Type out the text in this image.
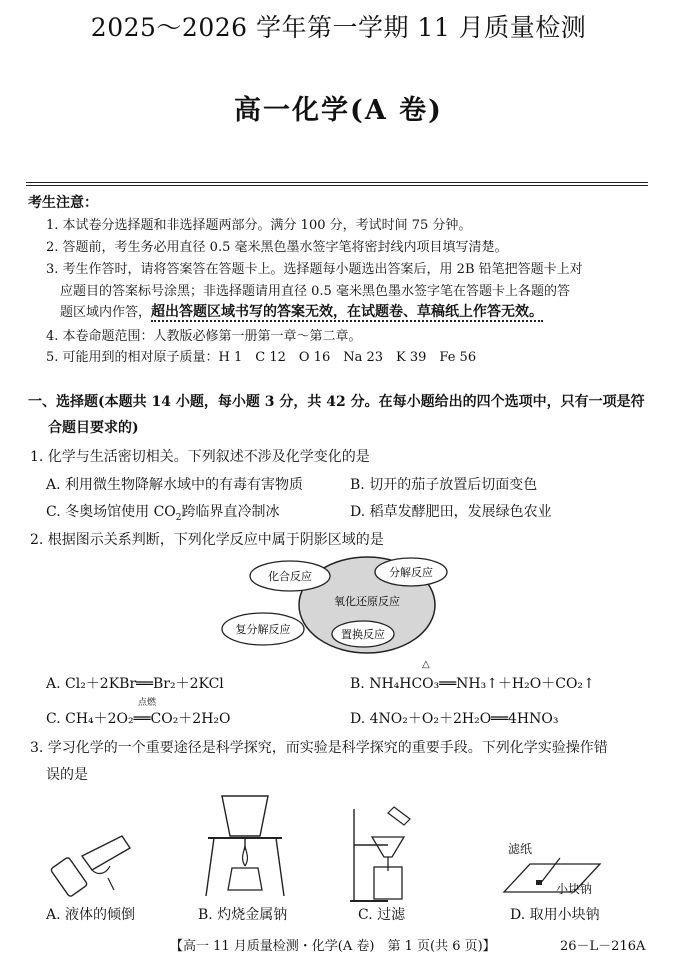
2025～2026 学年第一学期 11 月质量检测
高一化学(A 卷)
考生注意：
1. 本试卷分选择题和非选择题两部分。满分 100 分，考试时间 75 分钟。
2. 答题前，考生务必用直径 0.5 毫米黑色墨水签字笔将密封线内项目填写清楚。
3. 考生作答时，请将答案答在答题卡上。选择题每小题选出答案后，用 2B 铅笔把答题卡上对
应题目的答案标号涂黑；非选择题请用直径 0.5 毫米黑色墨水签字笔在答题卡上各题的答
题区域内作答，超出答题区域书写的答案无效，在试题卷、草稿纸上作答无效。
4. 本卷命题范围：人教版必修第一册第一章～第二章。
5. 可能用到的相对原子质量：H 1　C 12　O 16　Na 23　K 39　Fe 56
一、选择题(本题共 14 小题，每小题 3 分，共 42 分。在每小题给出的四个选项中，只有一项是符
合题目要求的)
1. 化学与生活密切相关。下列叙述不涉及化学变化的是
A. 利用微生物降解水域中的有毒有害物质	B. 切开的茄子放置后切面变色
C. 冬奥场馆使用 $CO_2$跨临界直冷制冰	D. 稻草发酵肥田，发展绿色农业
2. 根据图示关系判断，下列化学反应中属于阴影区域的是
化合反应	分解反应
氧化还原反应
复分解反应	置换反应
A. Cl₂＋2KBr══Br₂＋2KCl
△
B. NH₄HCO₃══NH₃↑＋H₂O＋CO₂↑
点燃
C. CH₄＋2O₂══CO₂＋2H₂O	D. 4NO₂＋O₂＋2H₂O══4HNO₃
3. 学习化学的一个重要途径是科学探究，而实验是科学探究的重要手段。下列化学实验操作错
误的是
滤纸
小块钠
A. 液体的倾倒	B. 灼烧金属钠	C. 过滤	D. 取用小块钠
【高一 11 月质量检测・化学(A 卷)　第 1 页(共 6 页)】	26－L－216A
